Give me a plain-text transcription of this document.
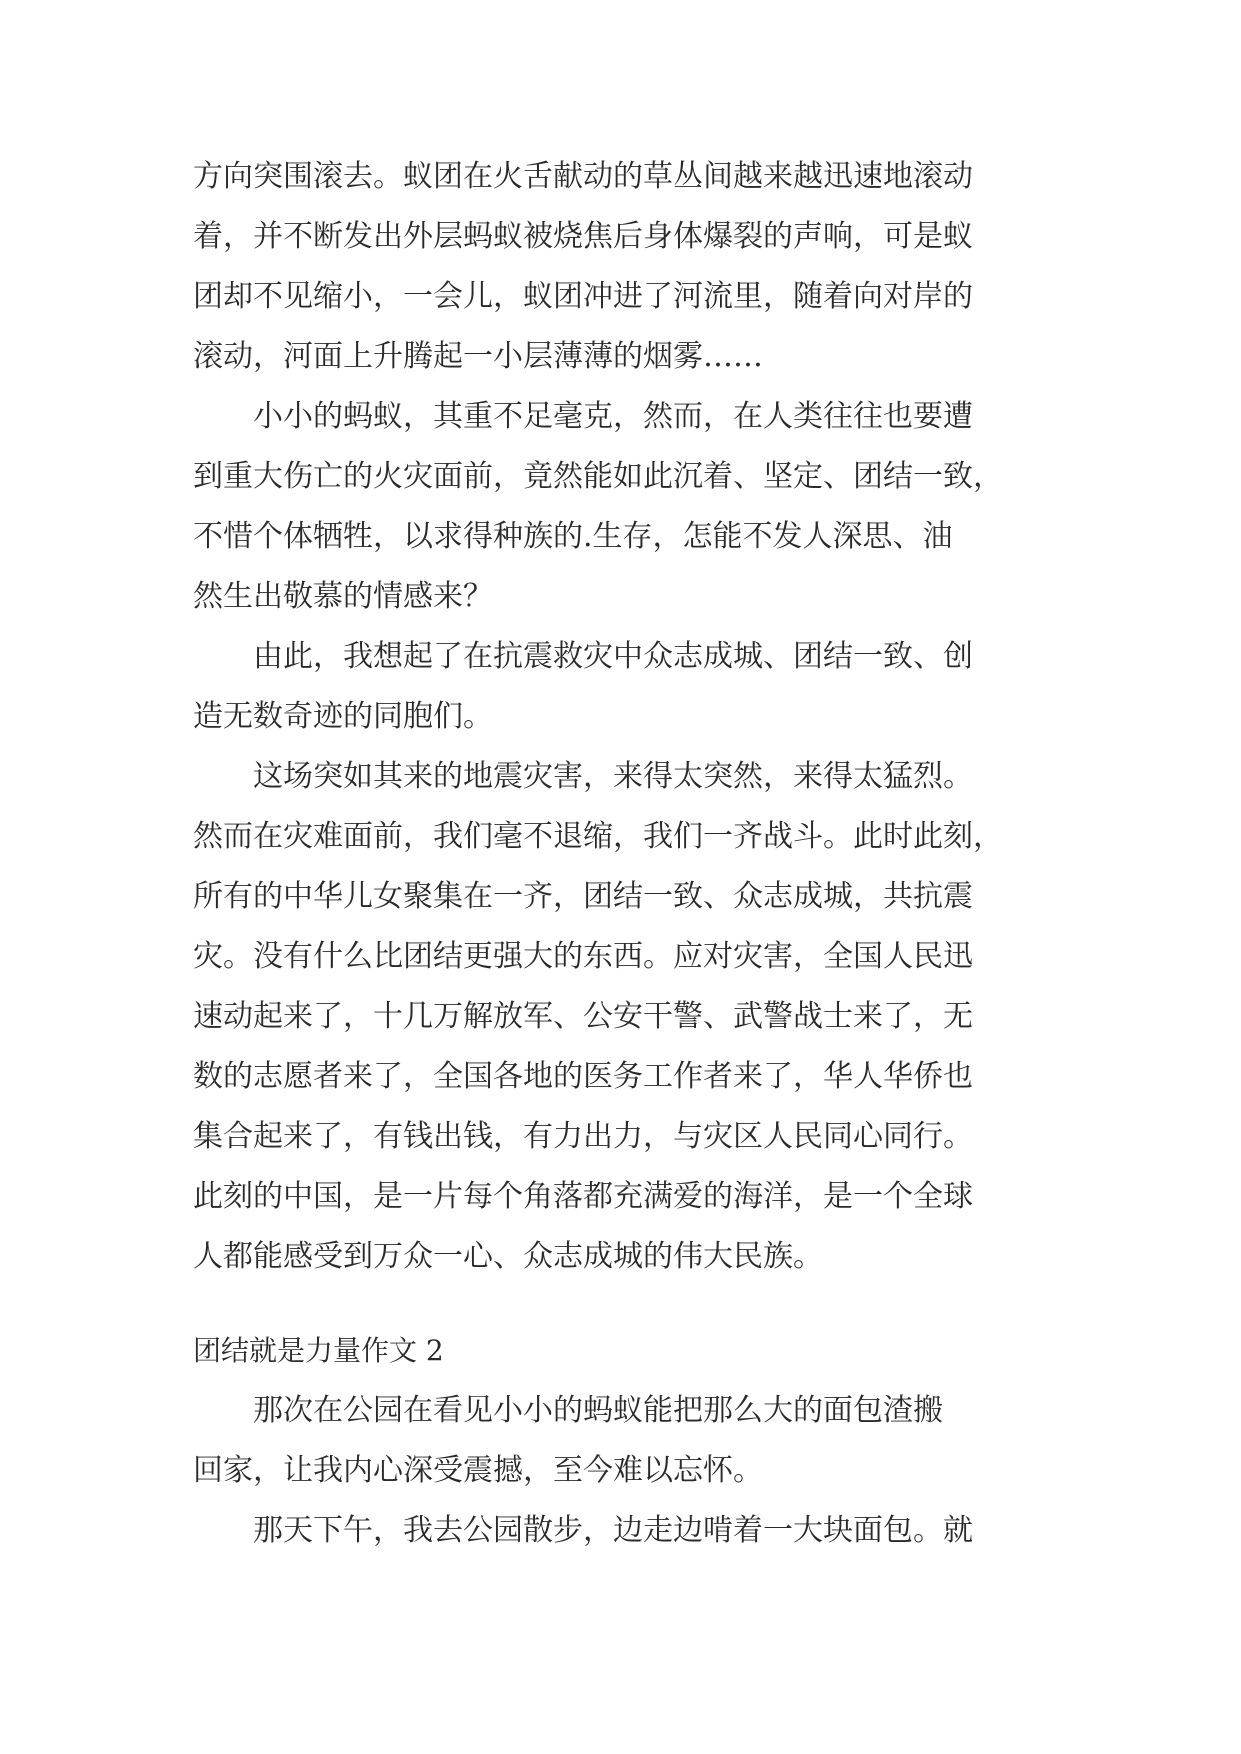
方向突围滚去。蚁团在火舌献动的草丛间越来越迅速地滚动

着，并不断发出外层蚂蚁被烧焦后身体爆裂的声响，可是蚁

团却不见缩小，一会儿，蚁团冲进了河流里，随着向对岸的

滚动，河面上升腾起一小层薄薄的烟雾……

小小的蚂蚁，其重不足毫克，然而，在人类往往也要遭

到重大伤亡的火灾面前，竟然能如此沉着、坚定、团结一致，

不惜个体牺牲，以求得种族的.生存，怎能不发人深思、油

然生出敬慕的情感来？

由此，我想起了在抗震救灾中众志成城、团结一致、创

造无数奇迹的同胞们。

这场突如其来的地震灾害，来得太突然，来得太猛烈。

然而在灾难面前，我们毫不退缩，我们一齐战斗。此时此刻，

所有的中华儿女聚集在一齐，团结一致、众志成城，共抗震

灾。没有什么比团结更强大的东西。应对灾害，全国人民迅

速动起来了，十几万解放军、公安干警、武警战士来了，无

数的志愿者来了，全国各地的医务工作者来了，华人华侨也

集合起来了，有钱出钱，有力出力，与灾区人民同心同行。

此刻的中国，是一片每个角落都充满爱的海洋，是一个全球

人都能感受到万众一心、众志成城的伟大民族。

团结就是力量作文 2

那次在公园在看见小小的蚂蚁能把那么大的面包渣搬

回家，让我内心深受震撼，至今难以忘怀。

那天下午，我去公园散步，边走边啃着一大块面包。就
